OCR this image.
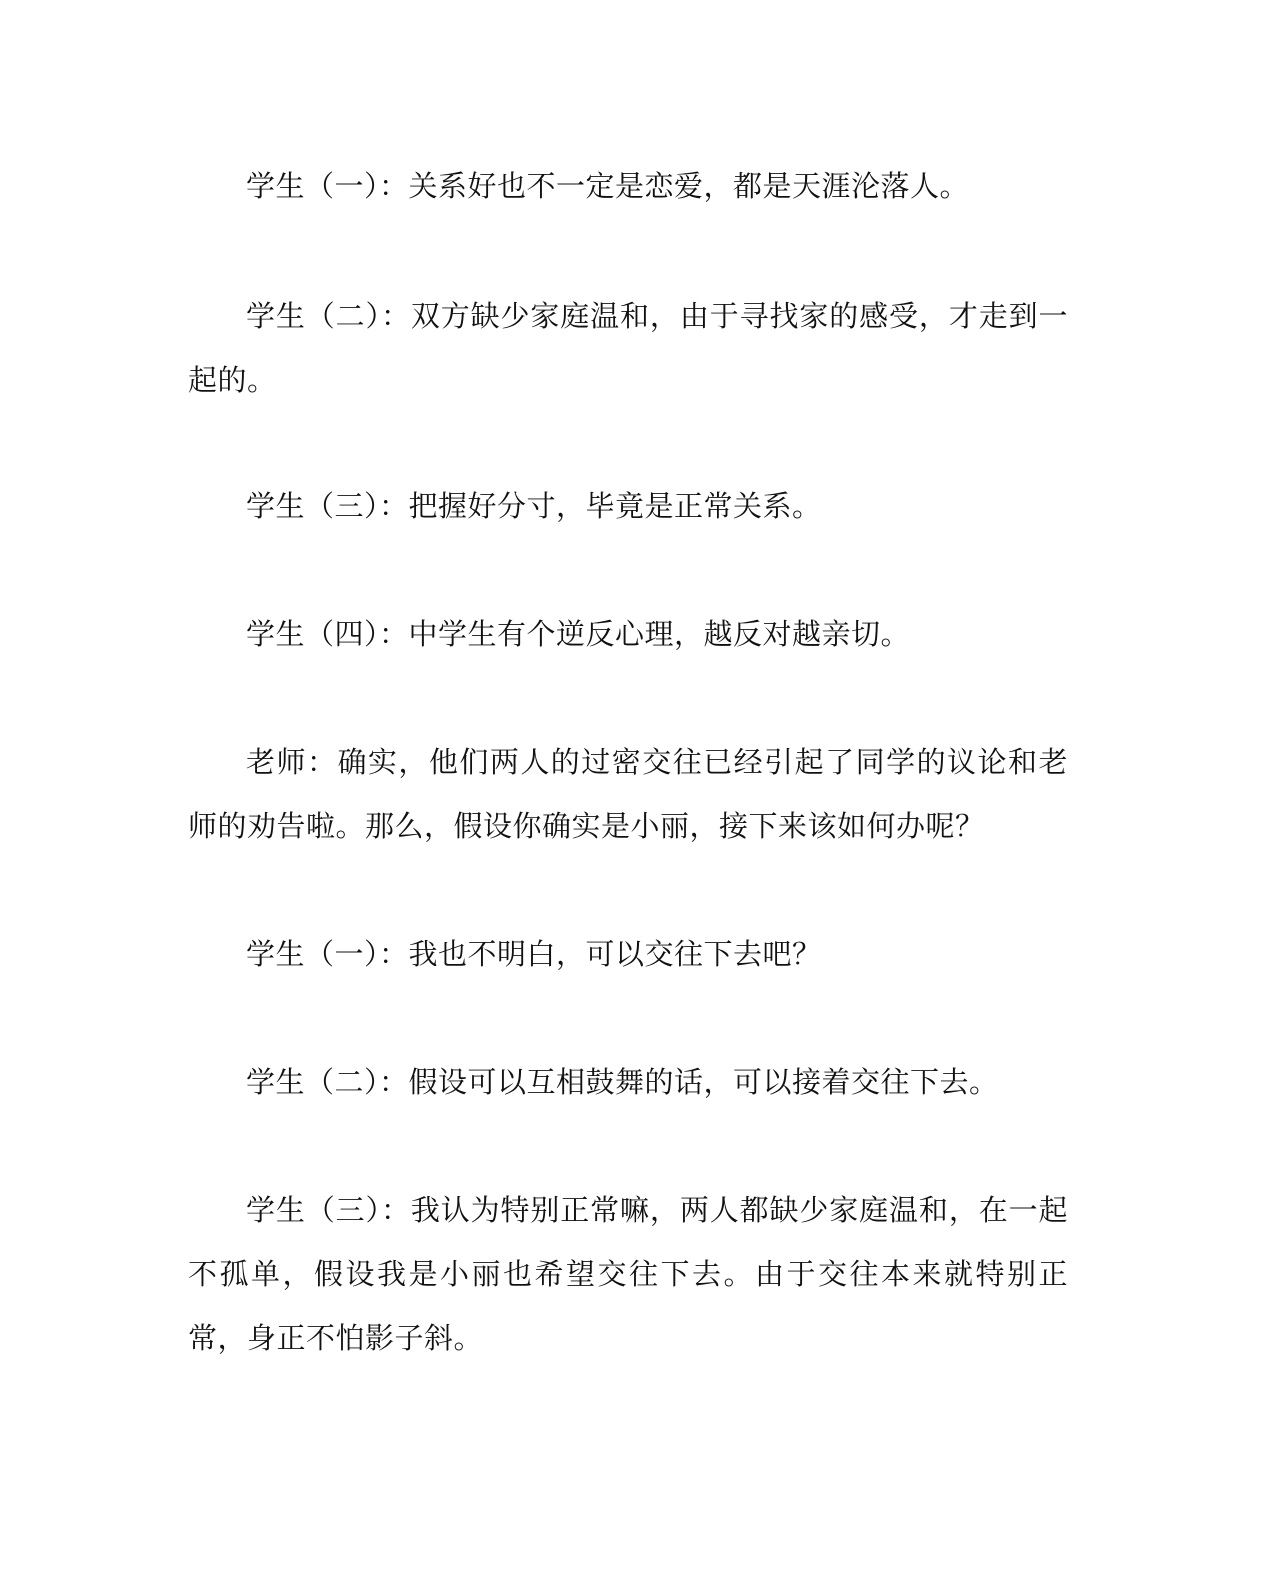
学生（一）：关系好也不一定是恋爱，都是天涯沦落人。

学生（二）：双方缺少家庭温和，由于寻找家的感受，才走到一起的。

学生（三）：把握好分寸，毕竟是正常关系。

学生（四）：中学生有个逆反心理，越反对越亲切。

老师：确实，他们两人的过密交往已经引起了同学的议论和老师的劝告啦。那么，假设你确实是小丽，接下来该如何办呢？

学生（一）：我也不明白，可以交往下去吧？

学生（二）：假设可以互相鼓舞的话，可以接着交往下去。

学生（三）：我认为特别正常嘛，两人都缺少家庭温和，在一起不孤单，假设我是小丽也希望交往下去。由于交往本来就特别正常，身正不怕影子斜。
